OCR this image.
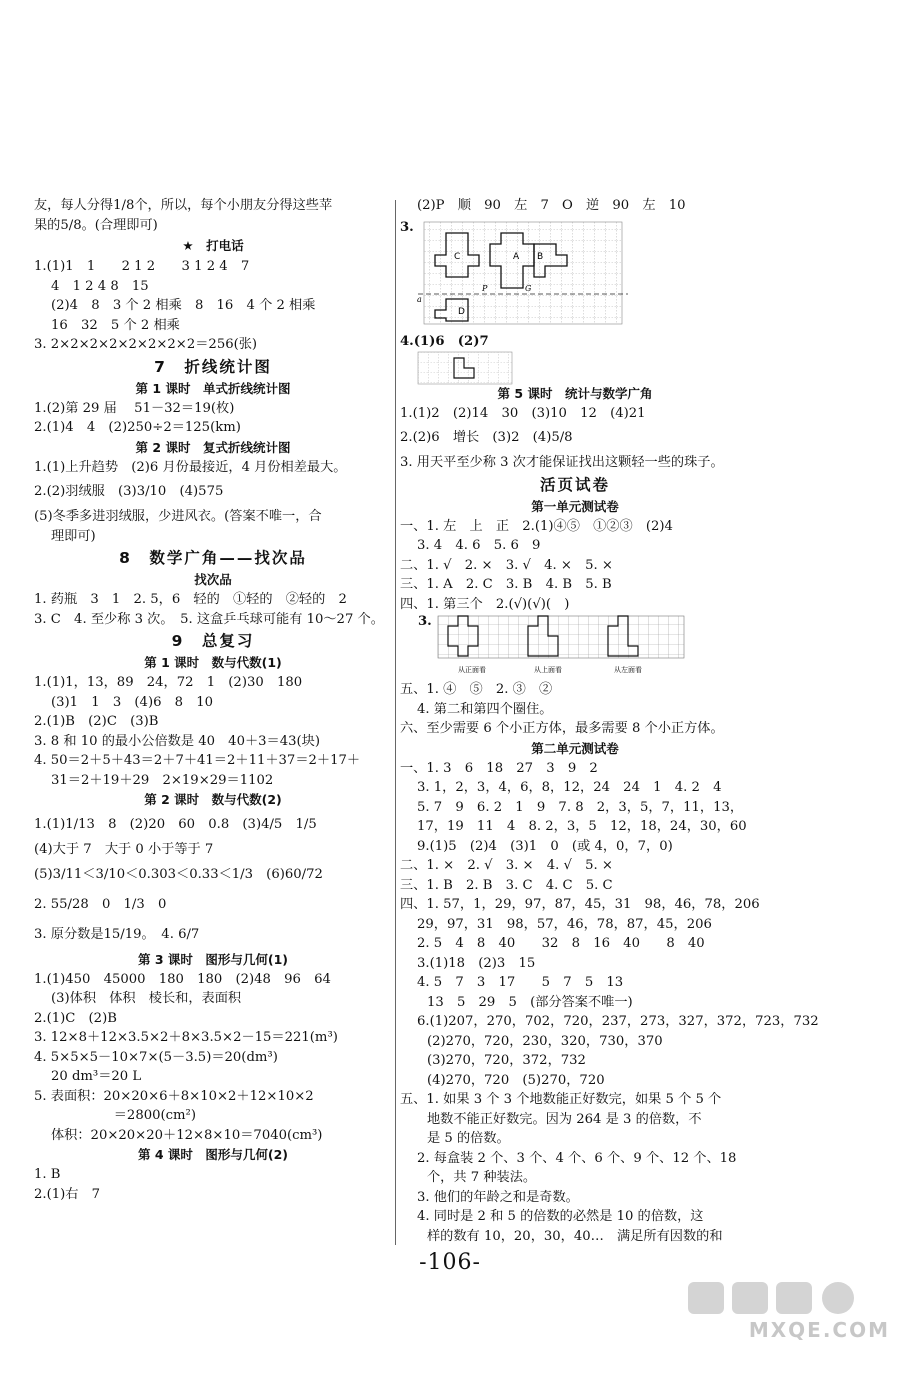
友，每人分得1/8个，所以，每个小朋友分得这些苹
果的5/8。(合理即可)
★　打电话
1.(1)1　1　　2 1 2　　3 1 2 4　7
4　1 2 4 8　15
(2)4　8　3 个 2 相乘　8　16　4 个 2 相乘
16　32　5 个 2 相乘
3. 2×2×2×2×2×2×2×2＝256(张)
7　折线统计图
第 1 课时　单式折线统计图
1.(2)第 29 届　 51－32＝19(枚)
2.(1)4　4　(2)250÷2＝125(km)
第 2 课时　复式折线统计图
1.(1)上升趋势　(2)6 月份最接近，4 月份相差最大。
2.(2)羽绒服　(3)3/10　(4)575
(5)冬季多进羽绒服，少进风衣。(答案不唯一，合
理即可)
8　数学广角——找次品
找次品
1. 药瓶　3　1　2. 5，6　轻的　①轻的　②轻的　2
3. C　4. 至少称 3 次。　5. 这盒乒乓球可能有 10～27 个。
9　总复习
第 1 课时　数与代数(1)
1.(1)1，13，89　24，72　1　(2)30　180
(3)1　1　3　(4)6　8　10
2.(1)B　(2)C　(3)B
3. 8 和 10 的最小公倍数是 40　40＋3＝43(块)
4. 50＝2＋5＋43＝2＋7＋41＝2＋11＋37＝2＋17＋
31＝2＋19＋29　2×19×29＝1102
第 2 课时　数与代数(2)
1.(1)1/13　8　(2)20　60　0.8　(3)4/5　1/5
(4)大于 7　大于 0 小于等于 7
(5)3/11＜3/10＜0.303＜0.33＜1/3　(6)60/72
2. 55/28　0　1/3　0
3. 原分数是15/19。　4. 6/7
第 3 课时　图形与几何(1)
1.(1)450　45000　180　180　(2)48　96　64
(3)体积　体积　棱长和，表面积
2.(1)C　(2)B
3. 12×8＋12×3.5×2＋8×3.5×2－15＝221(m³)
4. 5×5×5－10×7×(5－3.5)＝20(dm³)
20 dm³＝20 L
5. 表面积：20×20×6＋8×10×2＋12×10×2
　　　　＝2800(cm²)
体积：20×20×20＋12×8×10＝7040(cm³)
第 4 课时　图形与几何(2)
1. B
2.(1)右　7
(2)P　顺　90　左　7　O　逆　90　左　10
3.
C	A B
P	G
D
a
4.(1)6　(2)7
第 5 课时　统计与数学广角
1.(1)2　(2)14　30　(3)10　12　(4)21
2.(2)6　增长　(3)2　(4)5/8
3. 用天平至少称 3 次才能保证找出这颗轻一些的珠子。
活页试卷
第一单元测试卷
一、1. 左　上　正　2.(1)④⑤　①②③　(2)4
3. 4　4. 6　5. 6　9
二、1. √　2. ×　3. √　4. ×　5. ×
三、1. A　2. C　3. B　4. B　5. B
四、1. 第三个　2.(√)(√)(　)
3.
从正面看	从上面看	从左面看
五、1. ④　⑤　2. ③　②
4. 第二和第四个圈住。
六、至少需要 6 个小正方体，最多需要 8 个小正方体。
第二单元测试卷
一、1. 3　6　18　27　3　9　2
3. 1，2，3，4，6，8，12，24　24　1　4. 2　4
5. 7　9　6. 2　1　9　7. 8　2，3，5，7，11，13，
17，19　11　4　8. 2，3，5　12，18，24，30，60
9.(1)5　(2)4　(3)1　0　(或 4，0，7，0)
二、1. ×　2. √　3. ×　4. √　5. ×
三、1. B　2. B　3. C　4. C　5. C
四、1. 57，1，29，97，87，45，31　98，46，78，206
29，97，31　98，57，46，78，87，45，206
2. 5　4　8　40　　32　8　16　40　　8　40
3.(1)18　(2)3　15
4. 5　7　3　17　　5　7　5　13
13　5　29　5　(部分答案不唯一)
6.(1)207，270，702，720，237，273，327，372，723，732
(2)270，720，230，320，730，370
(3)270，720，372，732
(4)270，720　(5)270，720
五、1. 如果 3 个 3 个地数能正好数完，如果 5 个 5 个
地数不能正好数完。因为 264 是 3 的倍数，不
是 5 的倍数。
2. 每盒装 2 个、3 个、4 个、6 个、9 个、12 个、18
个，共 7 种装法。
3. 他们的年龄之和是奇数。
4. 同时是 2 和 5 的倍数的必然是 10 的倍数，这
样的数有 10，20，30，40…　满足所有因数的和
-106-
MXQE.COM
